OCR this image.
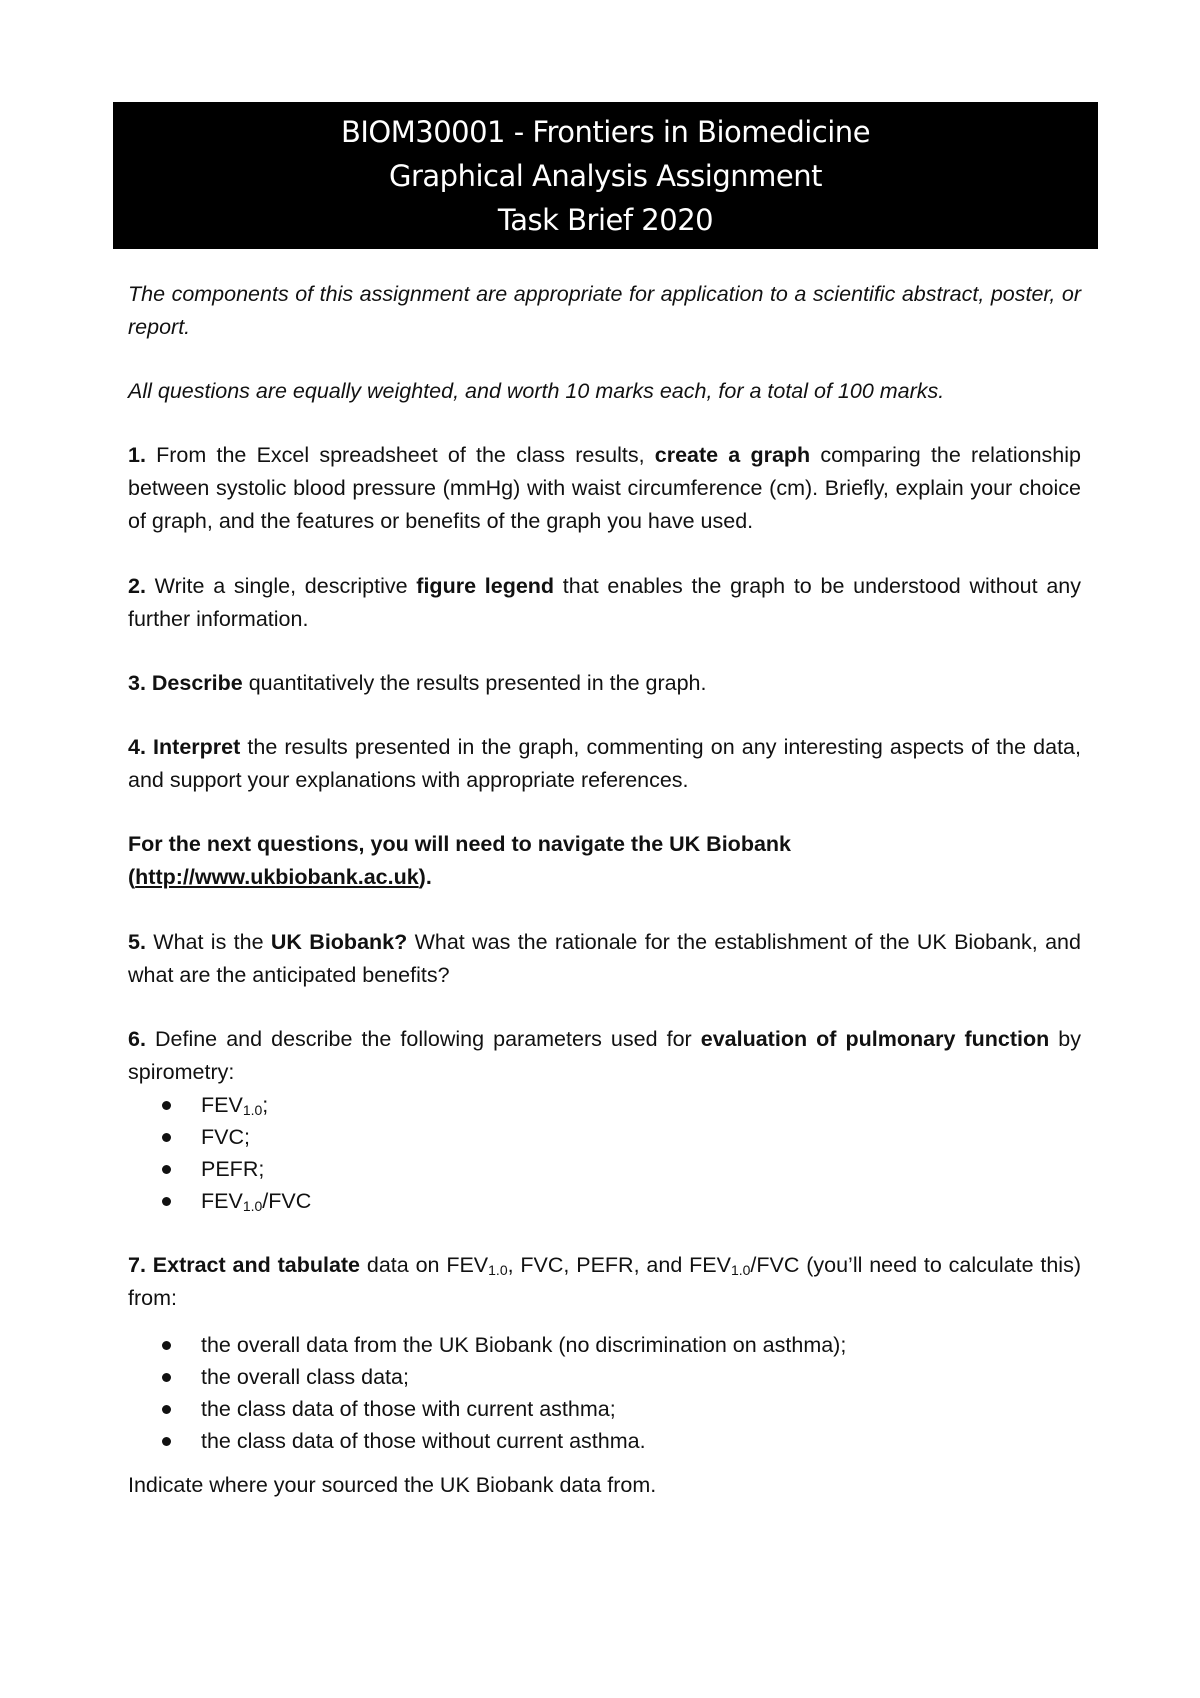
BIOM30001 - Frontiers in Biomedicine
Graphical Analysis Assignment
Task Brief 2020

The components of this assignment are appropriate for application to a scientific abstract, poster, or report.

All questions are equally weighted, and worth 10 marks each, for a total of 100 marks.

1. From the Excel spreadsheet of the class results, create a graph comparing the relationship between systolic blood pressure (mmHg) with waist circumference (cm). Briefly, explain your choice of graph, and the features or benefits of the graph you have used.

2. Write a single, descriptive figure legend that enables the graph to be understood without any further information.

3. Describe quantitatively the results presented in the graph.

4. Interpret the results presented in the graph, commenting on any interesting aspects of the data, and support your explanations with appropriate references.

For the next questions, you will need to navigate the UK Biobank
(http://www.ukbiobank.ac.uk).

5. What is the UK Biobank? What was the rationale for the establishment of the UK Biobank, and what are the anticipated benefits?

6. Define and describe the following parameters used for evaluation of pulmonary function by spirometry:

$FEV_{1.0}$;
FVC;
PEFR;
$FEV_{1.0}$/FVC

7. Extract and tabulate data on $FEV_{1.0}$, FVC, PEFR, and $FEV_{1.0}$/FVC (you’ll need to calculate this) from:

the overall data from the UK Biobank (no discrimination on asthma);
the overall class data;
the class data of those with current asthma;
the class data of those without current asthma.

Indicate where your sourced the UK Biobank data from.
